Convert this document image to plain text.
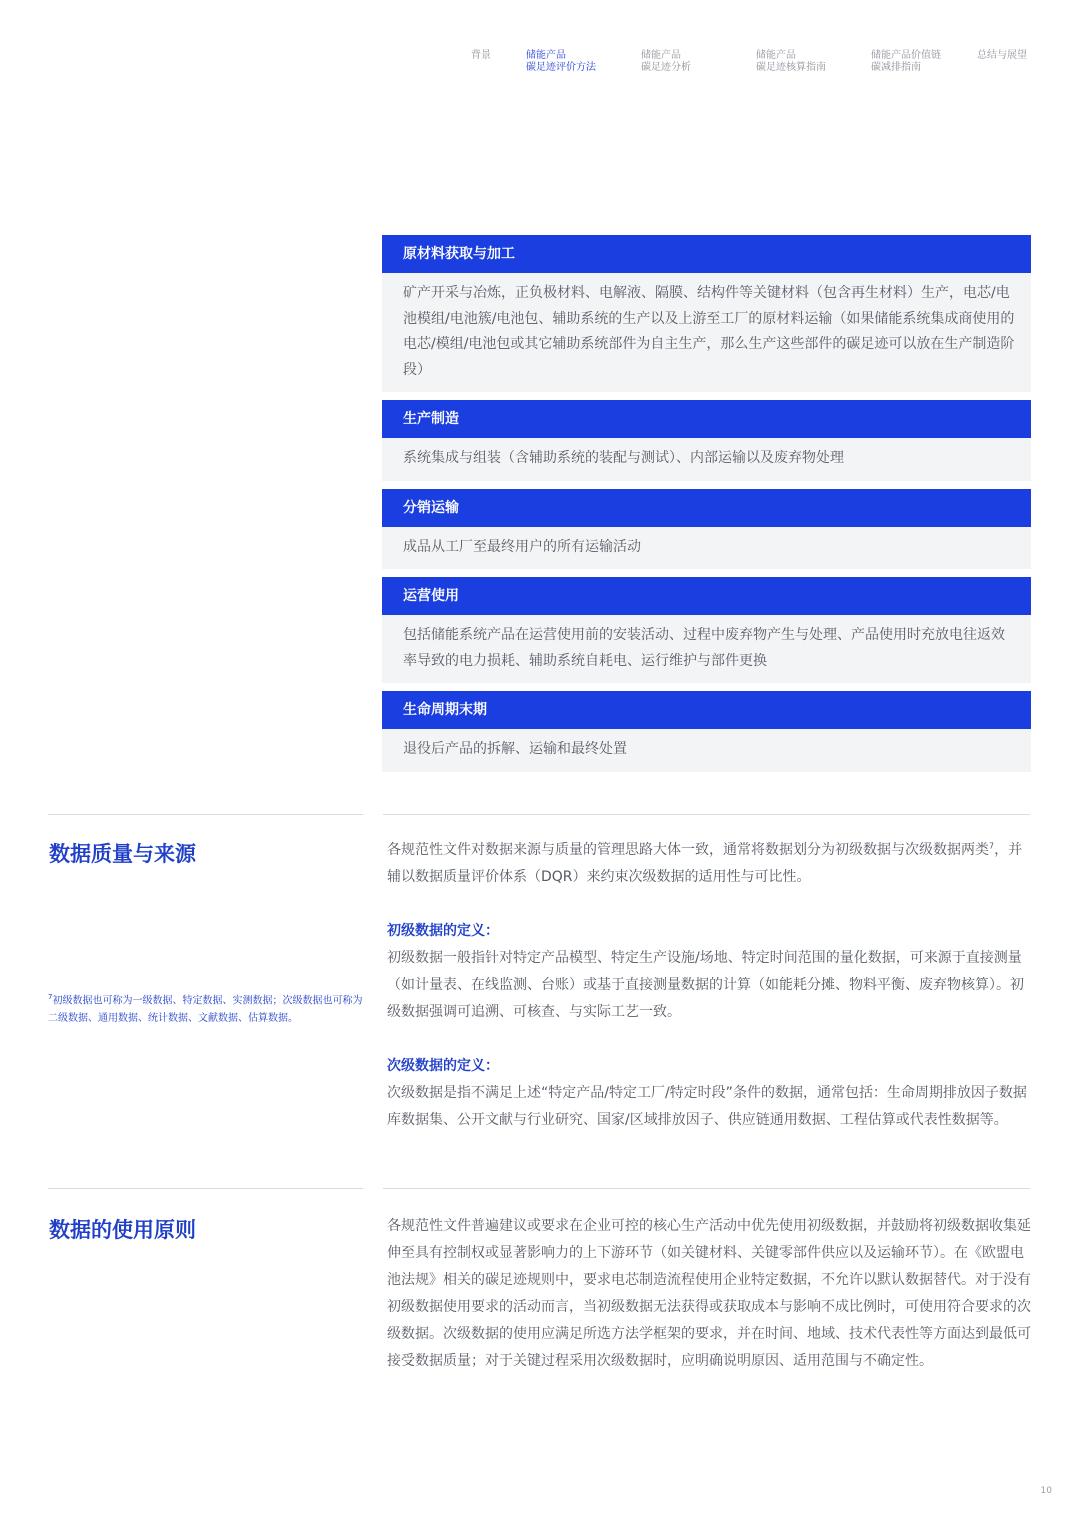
背景	储能产品
碳足迹评价方法
储能产品
碳足迹分析
储能产品
碳足迹核算指南
储能产品价值链
碳减排指南
总结与展望
原材料获取与加工
矿产开采与冶炼，正负极材料、电解液、隔膜、结构件等关键材料（包含再生材料）生产，电芯/电池模组/电池簇/电池包、辅助系统的生产以及上游至工厂的原材料运输（如果储能系统集成商使用的电芯/模组/电池包或其它辅助系统部件为自主生产，那么生产这些部件的碳足迹可以放在生产制造阶段）
生产制造
系统集成与组装（含辅助系统的装配与测试）、内部运输以及废弃物处理
分销运输
成品从工厂至最终用户的所有运输活动
运营使用
包括储能系统产品在运营使用前的安装活动、过程中废弃物产生与处理、产品使用时充放电往返效率导致的电力损耗、辅助系统自耗电、运行维护与部件更换
生命周期末期
退役后产品的拆解、运输和最终处置
数据质量与来源
$^7$初级数据也可称为一级数据、特定数据、实测数据；次级数据也可称为二级数据、通用数据、统计数据、文献数据、估算数据。

各规范性文件对数据来源与质量的管理思路大体一致，通常将数据划分为初级数据与次级数据两类$^7$，并辅以数据质量评价体系（DQR）来约束次级数据的适用性与可比性。

初级数据的定义：

初级数据一般指针对特定产品模型、特定生产设施/场地、特定时间范围的量化数据，可来源于直接测量（如计量表、在线监测、台账）或基于直接测量数据的计算（如能耗分摊、物料平衡、废弃物核算）。初级数据强调可追溯、可核查、与实际工艺一致。

次级数据的定义：

次级数据是指不满足上述“特定产品/特定工厂/特定时段”条件的数据，通常包括：生命周期排放因子数据库数据集、公开文献与行业研究、国家/区域排放因子、供应链通用数据、工程估算或代表性数据等。

数据的使用原则	各规范性文件普遍建议或要求在企业可控的核心生产活动中优先使用初级数据，并鼓励将初级数据收集延伸至具有控制权或显著影响力的上下游环节（如关键材料、关键零部件供应以及运输环节）。在《欧盟电池法规》相关的碳足迹规则中，要求电芯制造流程使用企业特定数据，不允许以默认数据替代。对于没有初级数据使用要求的活动而言，当初级数据无法获得或获取成本与影响不成比例时，可使用符合要求的次级数据。次级数据的使用应满足所选方法学框架的要求，并在时间、地域、技术代表性等方面达到最低可接受数据质量；对于关键过程采用次级数据时，应明确说明原因、适用范围与不确定性。

10
